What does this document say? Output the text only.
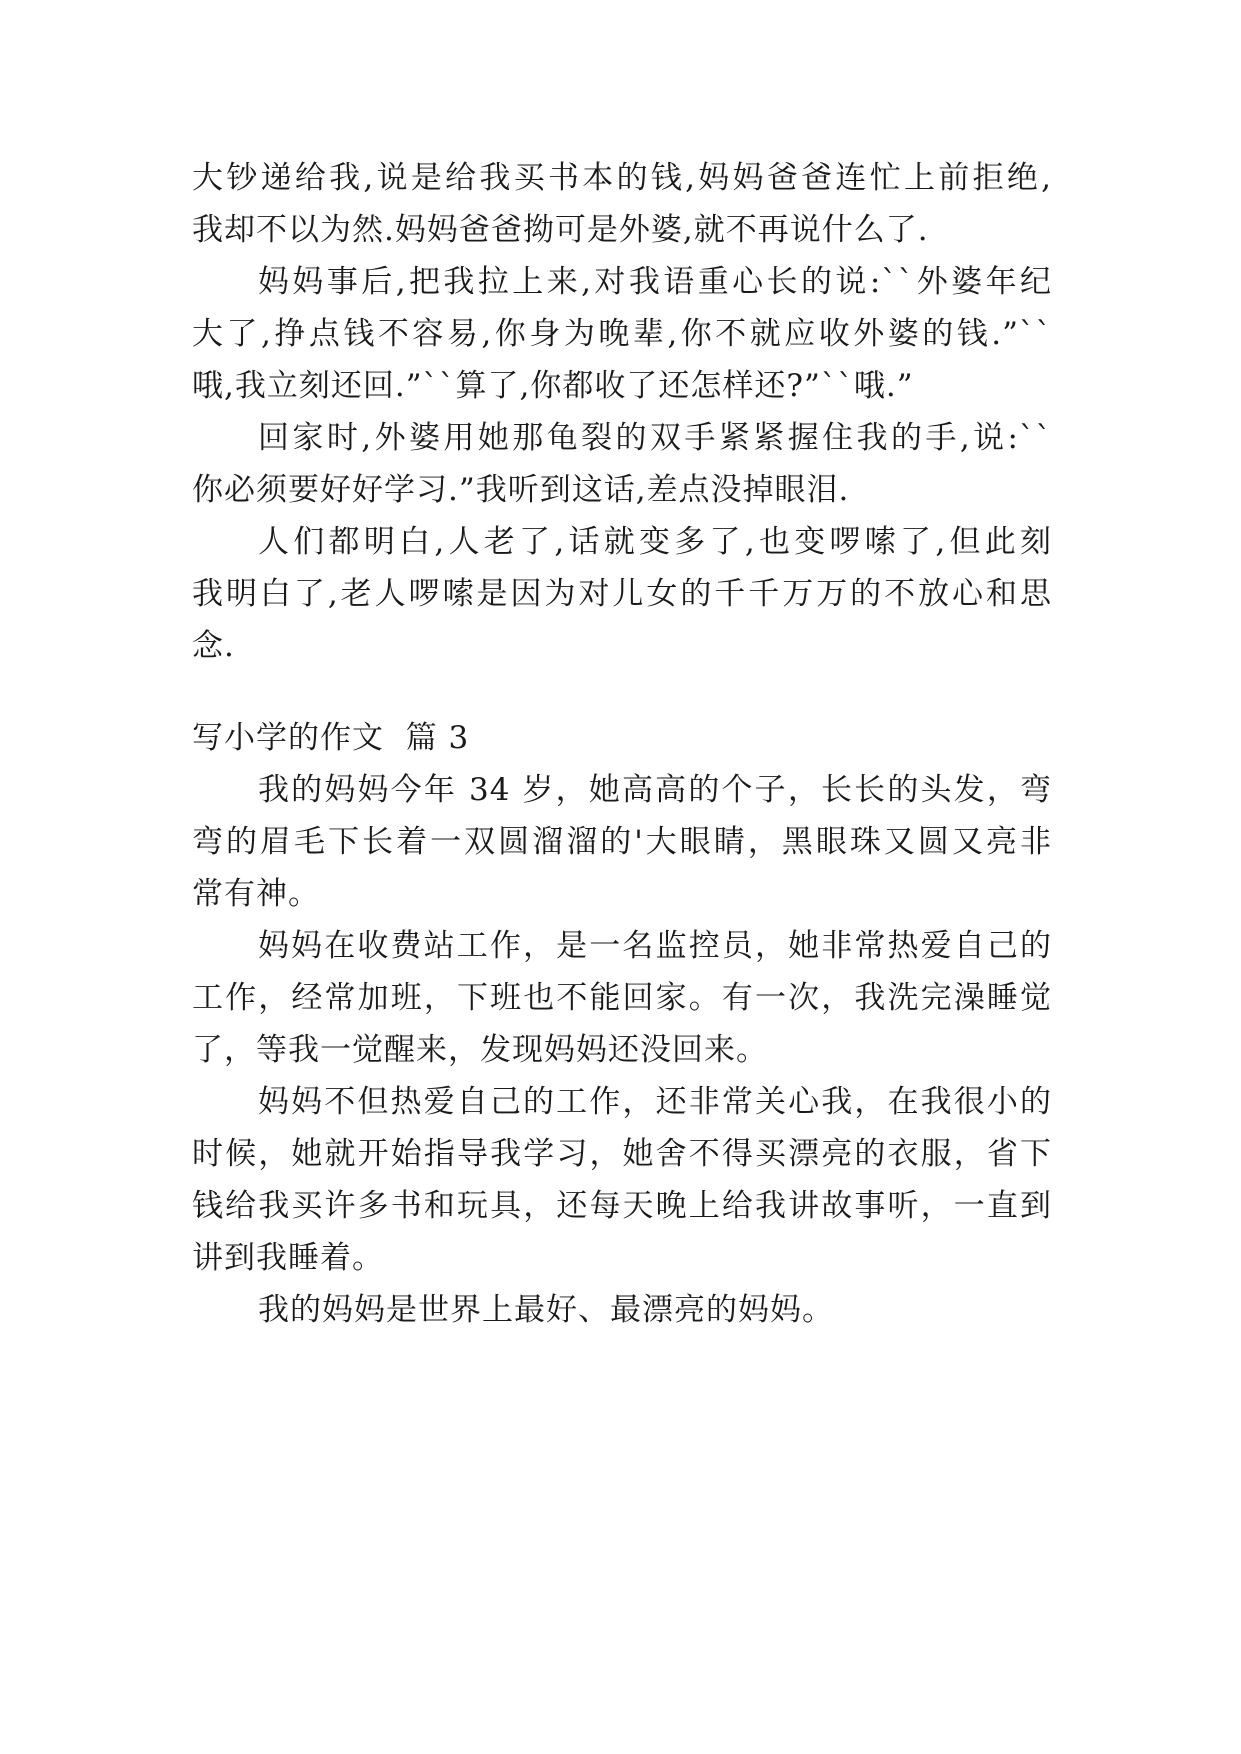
大钞递给我,说是给我买书本的钱,妈妈爸爸连忙上前拒绝,
我却不以为然.妈妈爸爸拗可是外婆,就不再说什么了.
妈妈事后,把我拉上来,对我语重心长的说:``外婆年纪
大了,挣点钱不容易,你身为晚辈,你不就应收外婆的钱.”``
哦,我立刻还回.”``算了,你都收了还怎样还?”``哦.”
回家时,外婆用她那龟裂的双手紧紧握住我的手,说:``
你必须要好好学习.”我听到这话,差点没掉眼泪.
人们都明白,人老了,话就变多了,也变啰嗦了,但此刻
我明白了,老人啰嗦是因为对儿女的千千万万的不放心和思
念.
写小学的作文  篇 3
我的妈妈今年 34 岁，她高高的个子，长长的头发，弯
弯的眉毛下长着一双圆溜溜的'大眼睛，黑眼珠又圆又亮非
常有神。
妈妈在收费站工作，是一名监控员，她非常热爱自己的
工作，经常加班，下班也不能回家。有一次，我洗完澡睡觉
了，等我一觉醒来，发现妈妈还没回来。
妈妈不但热爱自己的工作，还非常关心我，在我很小的
时候，她就开始指导我学习，她舍不得买漂亮的衣服，省下
钱给我买许多书和玩具，还每天晚上给我讲故事听，一直到
讲到我睡着。
我的妈妈是世界上最好、最漂亮的妈妈。
